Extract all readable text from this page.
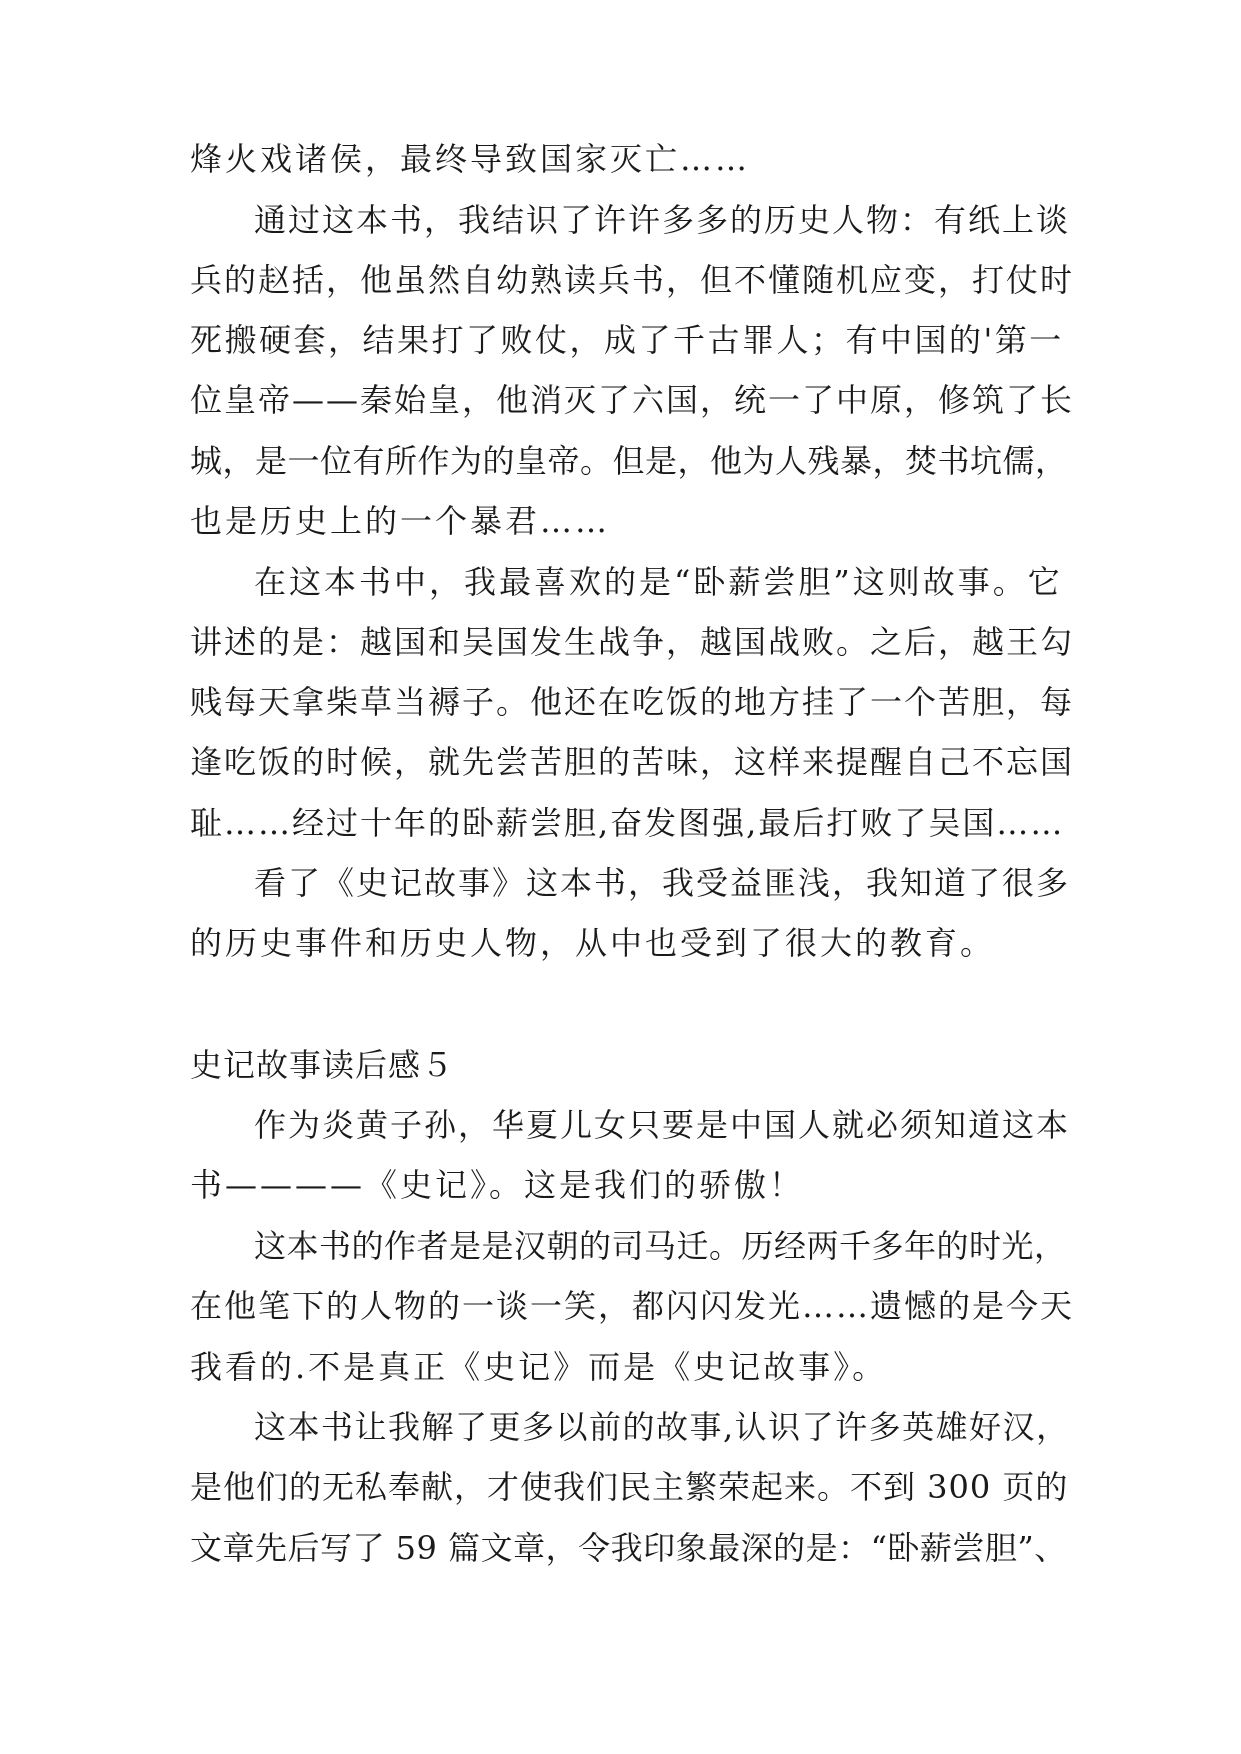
烽火戏诸侯，最终导致国家灭亡……
通过这本书，我结识了许许多多的历史人物：有纸上谈
兵的赵括，他虽然自幼熟读兵书，但不懂随机应变，打仗时
死搬硬套，结果打了败仗，成了千古罪人；有中国的'第一
位皇帝——秦始皇，他消灭了六国，统一了中原，修筑了长
城，是一位有所作为的皇帝。但是，他为人残暴，焚书坑儒，
也是历史上的一个暴君……
在这本书中，我最喜欢的是“卧薪尝胆”这则故事。它
讲述的是：越国和吴国发生战争，越国战败。之后，越王勾
贱每天拿柴草当褥子。他还在吃饭的地方挂了一个苦胆，每
逢吃饭的时候，就先尝苦胆的苦味，这样来提醒自己不忘国
耻……经过十年的卧薪尝胆,奋发图强,最后打败了吴国……
看了《史记故事》这本书，我受益匪浅，我知道了很多
的历史事件和历史人物，从中也受到了很大的教育。
史记故事读后感５
作为炎黄子孙，华夏儿女只要是中国人就必须知道这本
书————《史记》。这是我们的骄傲！
这本书的作者是是汉朝的司马迁。历经两千多年的时光，
在他笔下的人物的一谈一笑，都闪闪发光……遗憾的是今天
我看的.不是真正《史记》而是《史记故事》。
这本书让我解了更多以前的故事,认识了许多英雄好汉，
是他们的无私奉献，才使我们民主繁荣起来。不到 300 页的
文章先后写了 59 篇文章，令我印象最深的是：“卧薪尝胆”、
